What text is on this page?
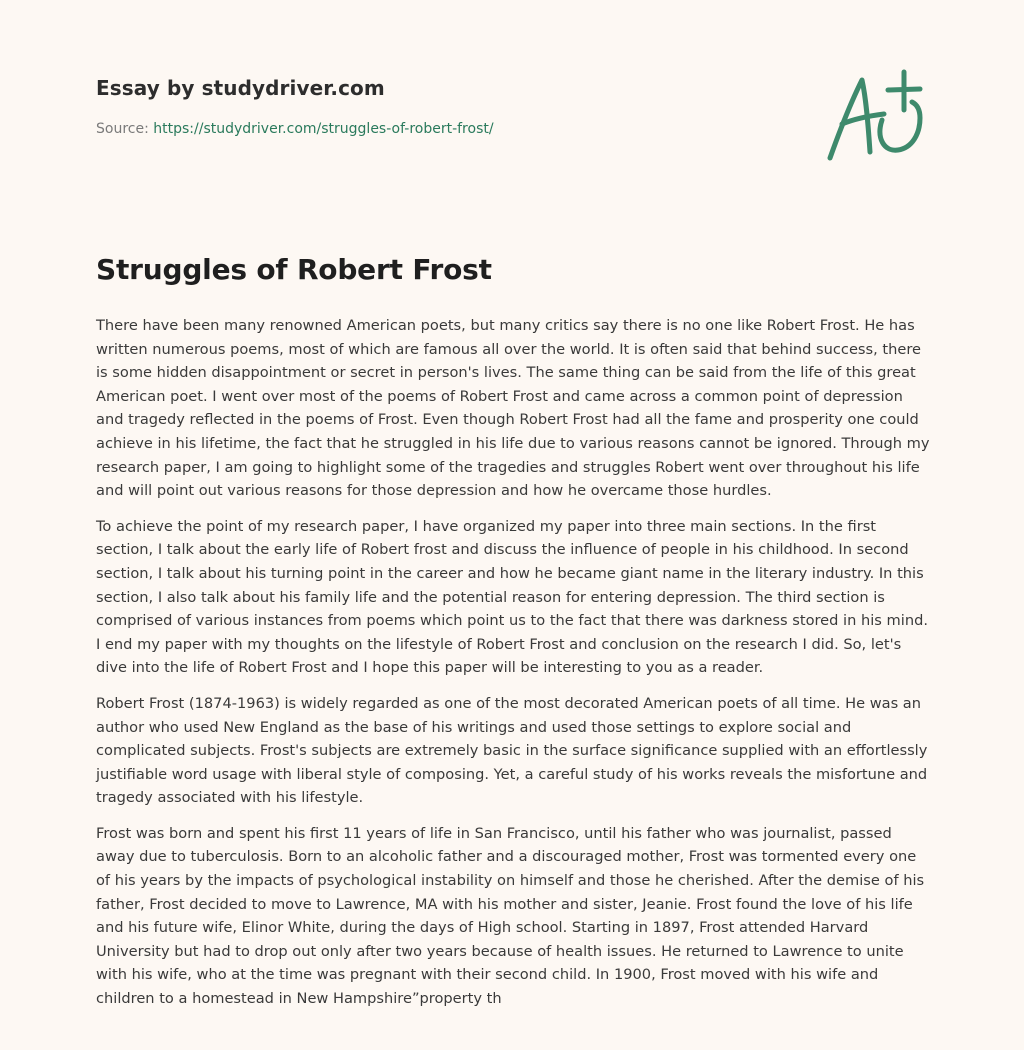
Essay by studydriver.com
Source: https://studydriver.com/struggles-of-robert-frost/
Struggles of Robert Frost

There have been many renowned American poets, but many critics say there is no one like Robert Frost. He has written numerous poems, most of which are famous all over the world. It is often said that behind success, there is some hidden disappointment or secret in person's lives. The same thing can be said from the life of this great American poet. I went over most of the poems of Robert Frost and came across a common point of depression and tragedy reflected in the poems of Frost. Even though Robert Frost had all the fame and prosperity one could achieve in his lifetime, the fact that he struggled in his life due to various reasons cannot be ignored. Through my research paper, I am going to highlight some of the tragedies and struggles Robert went over throughout his life and will point out various reasons for those depression and how he overcame those hurdles.

To achieve the point of my research paper, I have organized my paper into three main sections. In the first section, I talk about the early life of Robert frost and discuss the influence of people in his childhood. In second section, I talk about his turning point in the career and how he became giant name in the literary industry. In this section, I also talk about his family life and the potential reason for entering depression. The third section is comprised of various instances from poems which point us to the fact that there was darkness stored in his mind. I end my paper with my thoughts on the lifestyle of Robert Frost and conclusion on the research I did. So, let's dive into the life of Robert Frost and I hope this paper will be interesting to you as a reader.

Robert Frost (1874-1963) is widely regarded as one of the most decorated American poets of all time. He was an author who used New England as the base of his writings and used those settings to explore social and complicated subjects. Frost's subjects are extremely basic in the surface significance supplied with an effortlessly justifiable word usage with liberal style of composing. Yet, a careful study of his works reveals the misfortune and tragedy associated with his lifestyle.

Frost was born and spent his first 11 years of life in San Francisco, until his father who was journalist, passed away due to tuberculosis. Born to an alcoholic father and a discouraged mother, Frost was tormented every one of his years by the impacts of psychological instability on himself and those he cherished. After the demise of his father, Frost decided to move to Lawrence, MA with his mother and sister, Jeanie. Frost found the love of his life and his future wife, Elinor White, during the days of High school. Starting in 1897, Frost attended Harvard University but had to drop out only after two years because of health issues. He returned to Lawrence to unite with his wife, who at the time was pregnant with their second child. In 1900, Frost moved with his wife and children to a homestead in New Hampshire”property th
